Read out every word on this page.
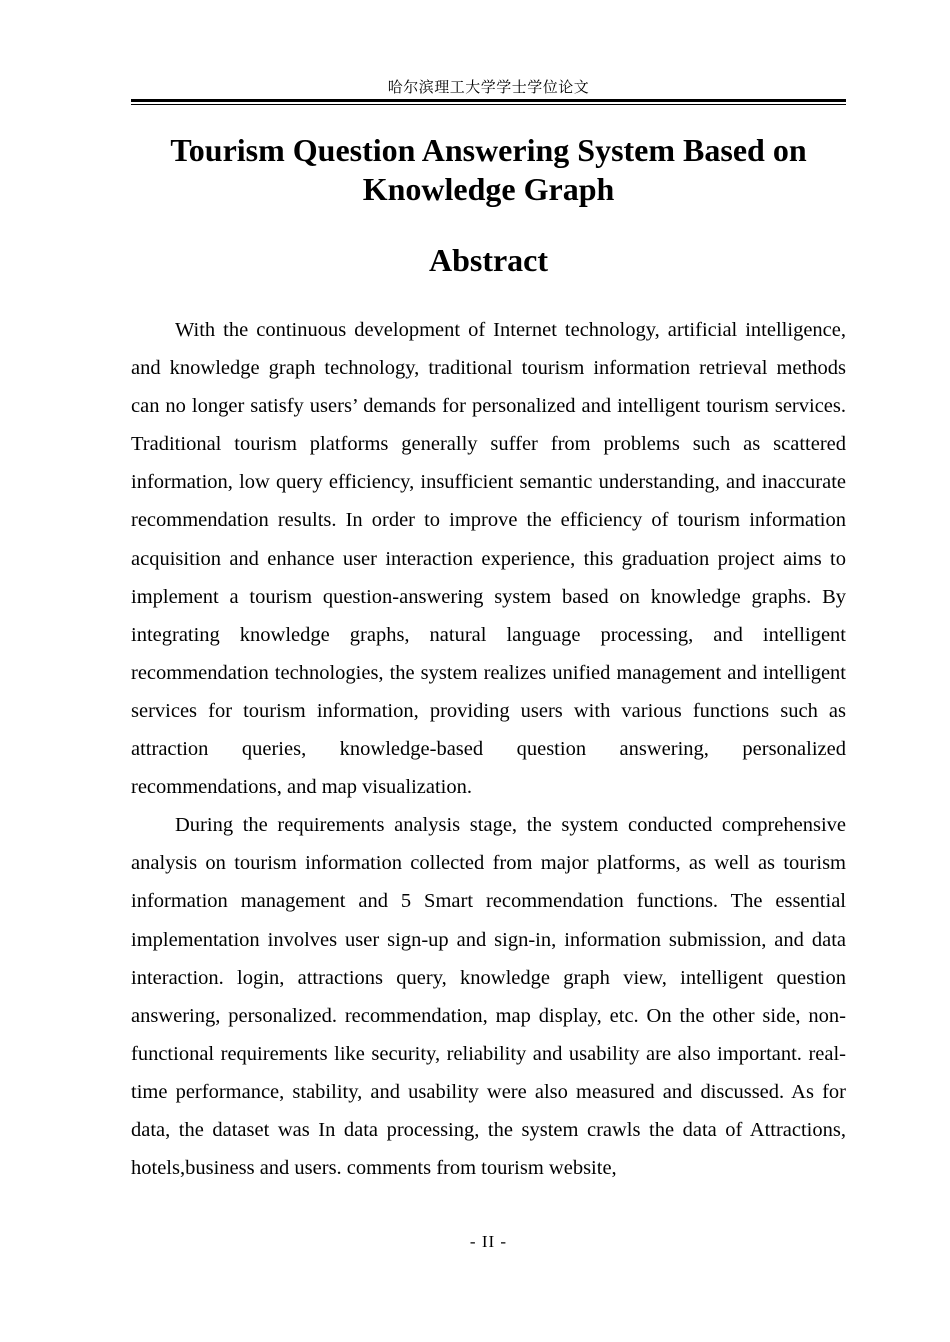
哈尔滨理工大学学士学位论文
Tourism Question Answering System Based on
Knowledge Graph
Abstract

With the continuous development of Internet technology, artificial intelligence, and knowledge graph technology, traditional tourism information retrieval methods can no longer satisfy users’ demands for personalized and intelligent tourism services. Traditional tourism platforms generally suffer from problems such as scattered information, low query efficiency, insufficient semantic understanding, and inaccurate recommendation results. In order to improve the efficiency of tourism information acquisition and enhance user interaction experience, this graduation project aims to implement a tourism question-answering system based on knowledge graphs. By integrating knowledge graphs, natural language processing, and intelligent recommendation technologies, the system realizes unified management and intelligent services for tourism information, providing users with various functions such as attraction queries, knowledge-based question answering, personalized recommendations, and map visualization.

During the requirements analysis stage, the system conducted comprehensive analysis on tourism information collected from major platforms, as well as tourism information management and 5 Smart recommendation functions. The essential implementation involves user sign-up and sign-in, information submission, and data interaction. login, attractions query, knowledge graph view, intelligent question answering, personalized. recommendation, map display, etc. On the other side, non-functional requirements like security, reliability and usability are also important. real-time performance, stability, and usability were also measured and discussed. As for data, the dataset was In data processing, the system crawls the data of Attractions, hotels,business and users. comments from tourism website,

- II -
